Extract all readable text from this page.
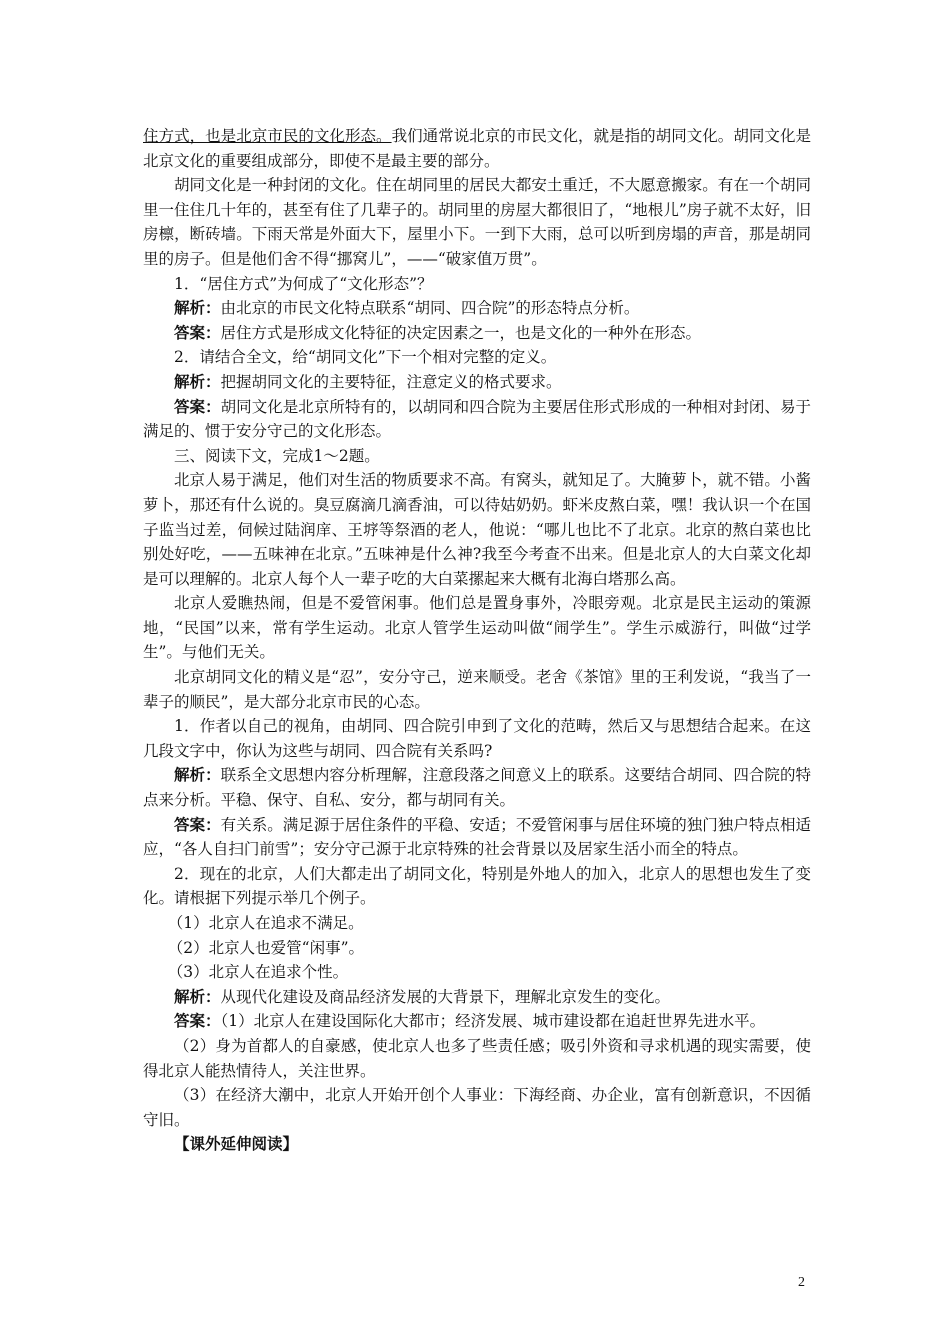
住方式，也是北京市民的文化形态。我们通常说北京的市民文化，就是指的胡同文化。胡同文化是北京文化的重要组成部分，即使不是最主要的部分。

胡同文化是一种封闭的文化。住在胡同里的居民大都安土重迁，不大愿意搬家。有在一个胡同里一住住几十年的，甚至有住了几辈子的。胡同里的房屋大都很旧了，“地根儿”房子就不太好，旧房檩，断砖墙。下雨天常是外面大下，屋里小下。一到下大雨，总可以听到房塌的声音，那是胡同里的房子。但是他们舍不得“挪窝儿”，——“破家值万贯”。

1．“居住方式”为何成了“文化形态”？

解析：由北京的市民文化特点联系“胡同、四合院”的形态特点分析。

答案：居住方式是形成文化特征的决定因素之一，也是文化的一种外在形态。

2．请结合全文，给“胡同文化”下一个相对完整的定义。

解析：把握胡同文化的主要特征，注意定义的格式要求。

答案：胡同文化是北京所特有的，以胡同和四合院为主要居住形式形成的一种相对封闭、易于满足的、惯于安分守己的文化形态。

三、阅读下文，完成1～2题。

北京人易于满足，他们对生活的物质要求不高。有窝头，就知足了。大腌萝卜，就不错。小酱萝卜，那还有什么说的。臭豆腐滴几滴香油，可以待姑奶奶。虾米皮熬白菜，嘿！我认识一个在国子监当过差，伺候过陆润庠、王垿等祭酒的老人，他说：“哪儿也比不了北京。北京的熬白菜也比别处好吃，——五味神在北京。”五味神是什么神?我至今考查不出来。但是北京人的大白菜文化却是可以理解的。北京人每个人一辈子吃的大白菜摞起来大概有北海白塔那么高。

北京人爱瞧热闹，但是不爱管闲事。他们总是置身事外，冷眼旁观。北京是民主运动的策源地，“民国”以来，常有学生运动。北京人管学生运动叫做“闹学生”。学生示威游行，叫做“过学生”。与他们无关。

北京胡同文化的精义是“忍”，安分守己，逆来顺受。老舍《茶馆》里的王利发说，“我当了一辈子的顺民”，是大部分北京市民的心态。

1．作者以自己的视角，由胡同、四合院引申到了文化的范畴，然后又与思想结合起来。在这几段文字中，你认为这些与胡同、四合院有关系吗?

解析：联系全文思想内容分析理解，注意段落之间意义上的联系。这要结合胡同、四合院的特点来分析。平稳、保守、自私、安分，都与胡同有关。

答案：有关系。满足源于居住条件的平稳、安适；不爱管闲事与居住环境的独门独户特点相适应，“各人自扫门前雪”；安分守己源于北京特殊的社会背景以及居家生活小而全的特点。

2．现在的北京，人们大都走出了胡同文化，特别是外地人的加入，北京人的思想也发生了变化。请根据下列提示举几个例子。

（1）北京人在追求不满足。

（2）北京人也爱管“闲事”。

（3）北京人在追求个性。

解析：从现代化建设及商品经济发展的大背景下，理解北京发生的变化。

答案：（1）北京人在建设国际化大都市；经济发展、城市建设都在追赶世界先进水平。

（2）身为首都人的自豪感，使北京人也多了些责任感；吸引外资和寻求机遇的现实需要，使得北京人能热情待人，关注世界。

（3）在经济大潮中，北京人开始开创个人事业：下海经商、办企业，富有创新意识，不因循守旧。

【课外延伸阅读】

2
